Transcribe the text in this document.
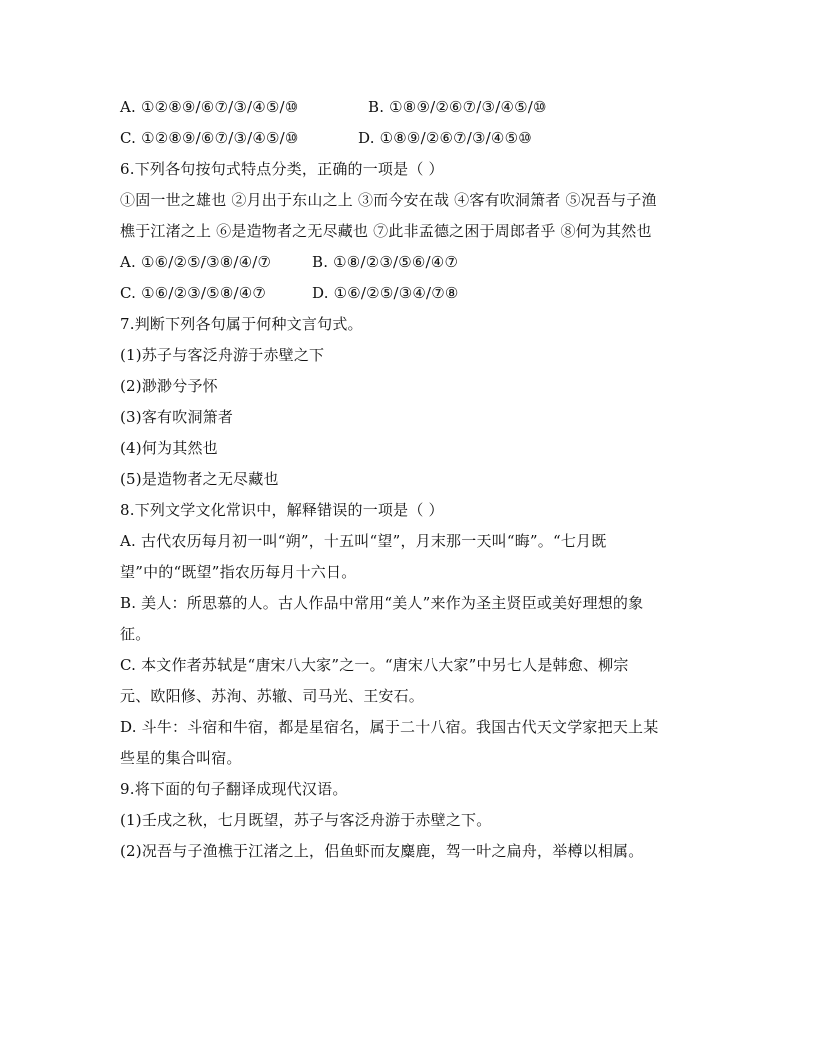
A. ①②⑧⑨/⑥⑦/③/④⑤/⑩	B. ①⑧⑨/②⑥⑦/③/④⑤/⑩
C. ①②⑧⑨/⑥⑦/③/④⑤/⑩	D. ①⑧⑨/②⑥⑦/③/④⑤⑩
6.下列各句按句式特点分类，正确的一项是（ ）
①固一世之雄也 ②月出于东山之上 ③而今安在哉 ④客有吹洞箫者 ⑤况吾与子渔
樵于江渚之上 ⑥是造物者之无尽藏也 ⑦此非孟德之困于周郎者乎 ⑧何为其然也
A. ①⑥/②⑤/③⑧/④/⑦	B. ①⑧/②③/⑤⑥/④⑦
C. ①⑥/②③/⑤⑧/④⑦	D. ①⑥/②⑤/③④/⑦⑧
7.判断下列各句属于何种文言句式。
(1)苏子与客泛舟游于赤壁之下
(2)渺渺兮予怀
(3)客有吹洞箫者
(4)何为其然也
(5)是造物者之无尽藏也
8.下列文学文化常识中，解释错误的一项是（ ）
A. 古代农历每月初一叫“朔”，十五叫“望”，月末那一天叫“晦”。“七月既
望”中的“既望”指农历每月十六日。
B. 美人：所思慕的人。古人作品中常用“美人”来作为圣主贤臣或美好理想的象
征。
C. 本文作者苏轼是“唐宋八大家”之一。“唐宋八大家”中另七人是韩愈、柳宗
元、欧阳修、苏洵、苏辙、司马光、王安石。
D. 斗牛：斗宿和牛宿，都是星宿名，属于二十八宿。我国古代天文学家把天上某
些星的集合叫宿。
9.将下面的句子翻译成现代汉语。
(1)壬戌之秋，七月既望，苏子与客泛舟游于赤壁之下。
(2)况吾与子渔樵于江渚之上，侣鱼虾而友麋鹿，驾一叶之扁舟，举樽以相属。
